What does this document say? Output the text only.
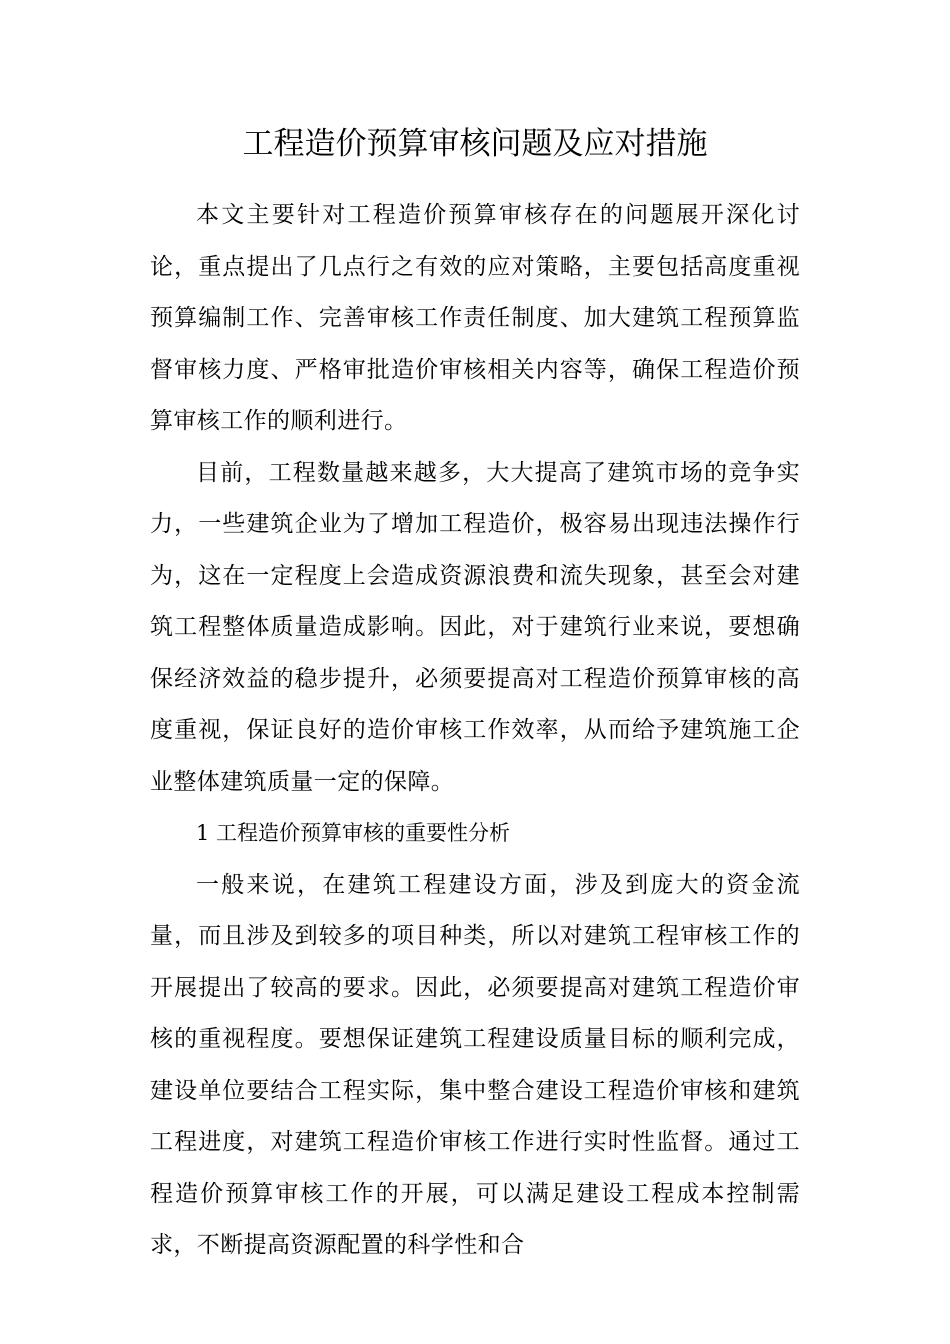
工程造价预算审核问题及应对措施

本文主要针对工程造价预算审核存在的问题展开深化讨论，重点提出了几点行之有效的应对策略，主要包括高度重视预算编制工作、完善审核工作责任制度、加大建筑工程预算监督审核力度、严格审批造价审核相关内容等，确保工程造价预算审核工作的顺利进行。

目前，工程数量越来越多，大大提高了建筑市场的竞争实力，一些建筑企业为了增加工程造价，极容易出现违法操作行为，这在一定程度上会造成资源浪费和流失现象，甚至会对建筑工程整体质量造成影响。因此，对于建筑行业来说，要想确保经济效益的稳步提升，必须要提高对工程造价预算审核的高度重视，保证良好的造价审核工作效率，从而给予建筑施工企业整体建筑质量一定的保障。

1 工程造价预算审核的重要性分析

一般来说，在建筑工程建设方面，涉及到庞大的资金流量，而且涉及到较多的项目种类，所以对建筑工程审核工作的开展提出了较高的要求。因此，必须要提高对建筑工程造价审核的重视程度。要想保证建筑工程建设质量目标的顺利完成，建设单位要结合工程实际，集中整合建设工程造价审核和建筑工程进度，对建筑工程造价审核工作进行实时性监督。通过工程造价预算审核工作的开展，可以满足建设工程成本控制需求，不断提高资源配置的科学性和合
